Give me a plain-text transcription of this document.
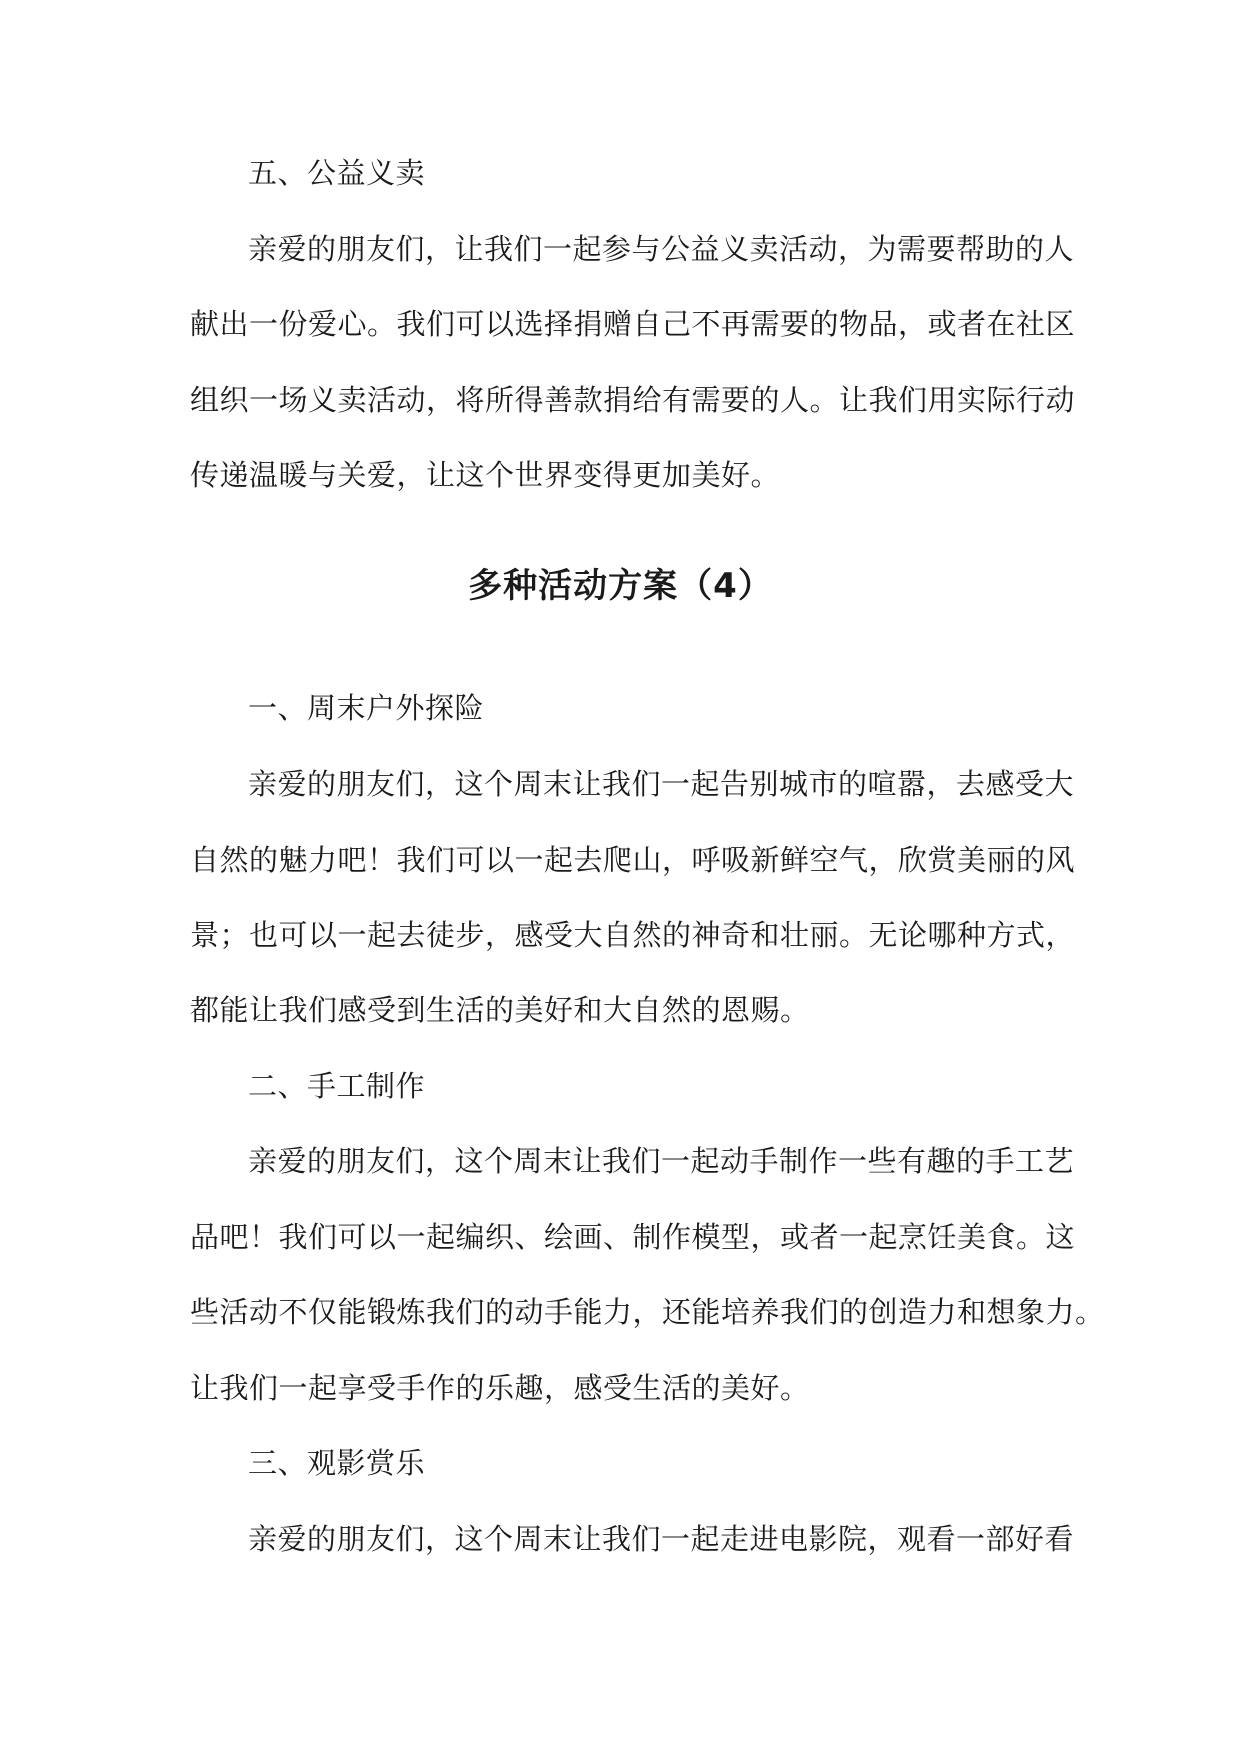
五、公益义卖
亲爱的朋友们，让我们一起参与公益义卖活动，为需要帮助的人
献出一份爱心。我们可以选择捐赠自己不再需要的物品，或者在社区
组织一场义卖活动，将所得善款捐给有需要的人。让我们用实际行动
传递温暖与关爱，让这个世界变得更加美好。
多种活动方案（4）
一、周末户外探险
亲爱的朋友们，这个周末让我们一起告别城市的喧嚣，去感受大
自然的魅力吧！我们可以一起去爬山，呼吸新鲜空气，欣赏美丽的风
景；也可以一起去徒步，感受大自然的神奇和壮丽。无论哪种方式，
都能让我们感受到生活的美好和大自然的恩赐。
二、手工制作
亲爱的朋友们，这个周末让我们一起动手制作一些有趣的手工艺
品吧！我们可以一起编织、绘画、制作模型，或者一起烹饪美食。这
些活动不仅能锻炼我们的动手能力，还能培养我们的创造力和想象力。
让我们一起享受手作的乐趣，感受生活的美好。
三、观影赏乐
亲爱的朋友们，这个周末让我们一起走进电影院，观看一部好看
